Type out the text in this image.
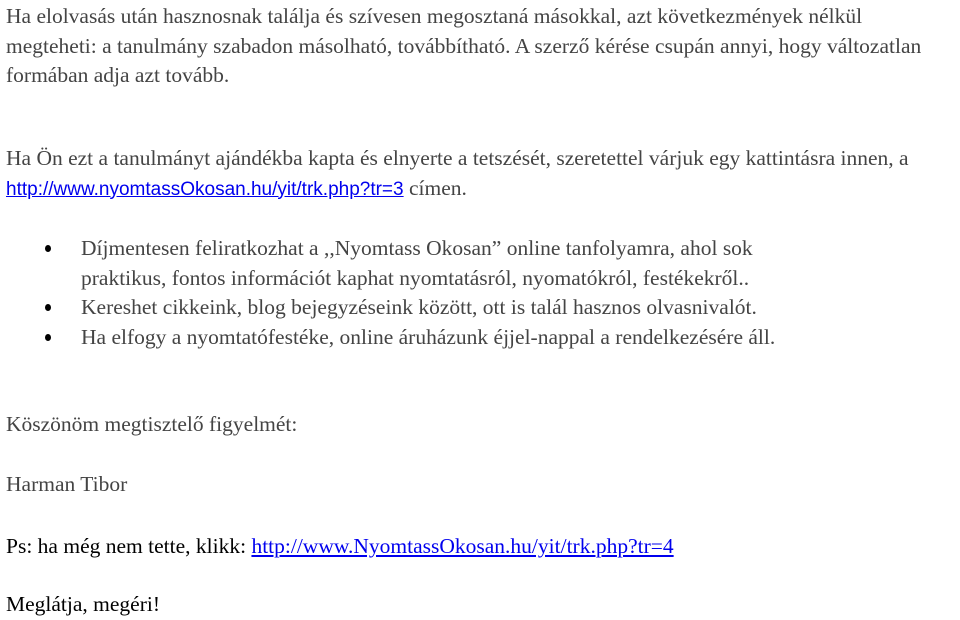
Ha elolvasás után hasznosnak találja és szívesen megosztaná másokkal, azt következmények nélkül megteheti: a tanulmány szabadon másolható, továbbítható. A szerző kérése csupán annyi, hogy változatlan formában adja azt tovább.

Ha Ön ezt a tanulmányt ajándékba kapta és elnyerte a tetszését, szeretettel várjuk egy kattintásra innen, a http://www.nyomtassOkosan.hu/yit/trk.php?tr=3 címen.

Díjmentesen feliratkozhat a ,,Nyomtass Okosan” online tanfolyamra, ahol sok
praktikus, fontos információt kaphat nyomtatásról, nyomatókról, festékekről..
Kereshet cikkeink, blog bejegyzéseink között, ott is talál hasznos olvasnivalót.
Ha elfogy a nyomtatófestéke, online áruházunk éjjel-nappal a rendelkezésére áll.
Köszönöm megtisztelő figyelmét:
Harman Tibor
Ps: ha még nem tette, klikk: http://www.NyomtassOkosan.hu/yit/trk.php?tr=4
Meglátja, megéri!
